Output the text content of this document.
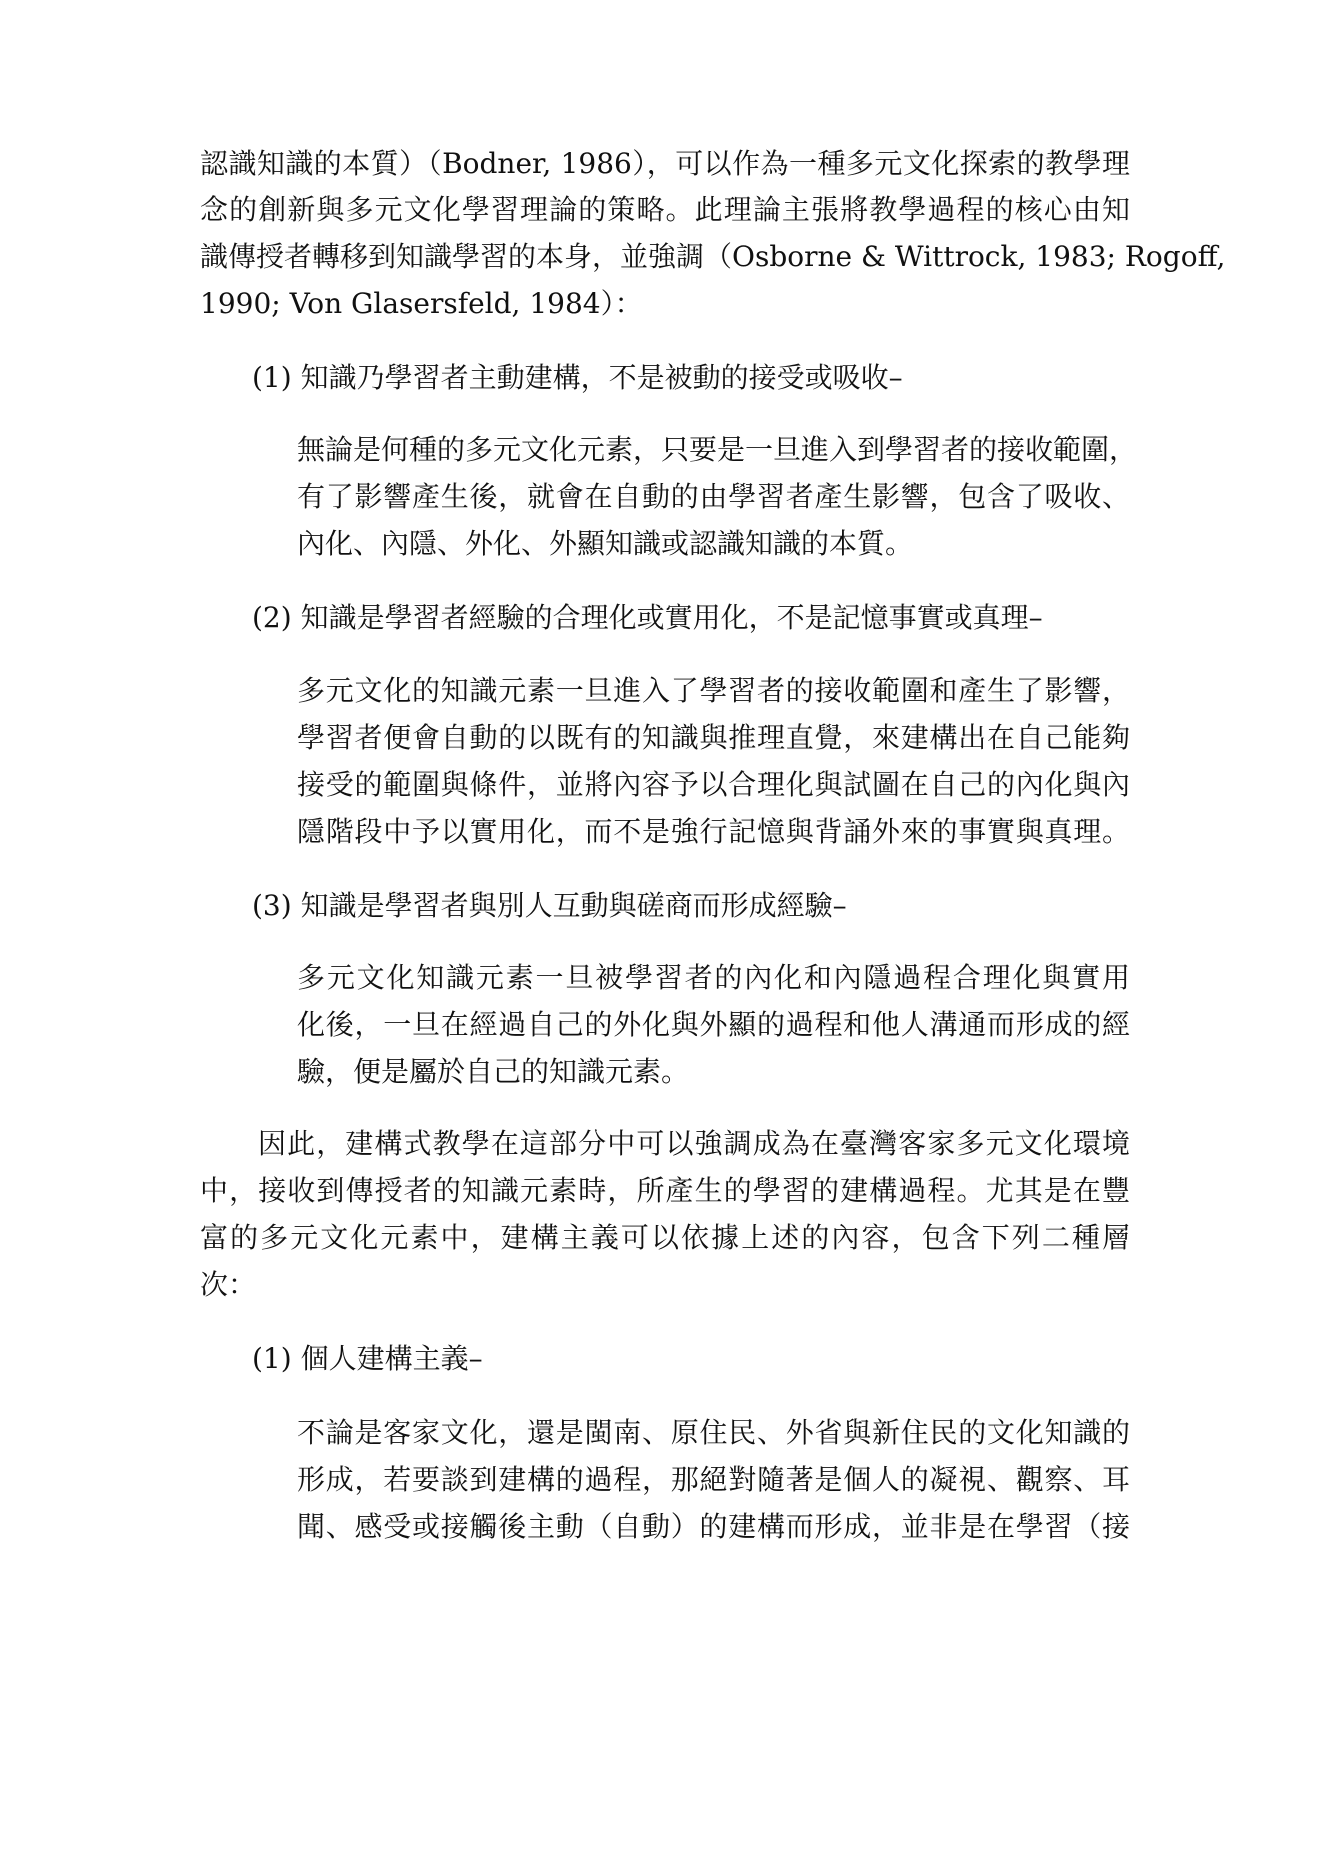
認識知識的本質）（Bodner, 1986），可以作為一種多元文化探索的教學理
念的創新與多元文化學習理論的策略。此理論主張將教學過程的核心由知
識傳授者轉移到知識學習的本身，並強調（Osborne & Wittrock, 1983; Rogoff,
1990; Von Glasersfeld, 1984）：
(1) 知識乃學習者主動建構，不是被動的接受或吸收–
無論是何種的多元文化元素，只要是一旦進入到學習者的接收範圍，
有了影響產生後，就會在自動的由學習者產生影響，包含了吸收、
內化、內隱、外化、外顯知識或認識知識的本質。
(2) 知識是學習者經驗的合理化或實用化，不是記憶事實或真理–
多元文化的知識元素一旦進入了學習者的接收範圍和產生了影響，
學習者便會自動的以既有的知識與推理直覺，來建構出在自己能夠
接受的範圍與條件，並將內容予以合理化與試圖在自己的內化與內
隱階段中予以實用化，而不是強行記憶與背誦外來的事實與真理。
(3) 知識是學習者與別人互動與磋商而形成經驗–
多元文化知識元素一旦被學習者的內化和內隱過程合理化與實用
化後，一旦在經過自己的外化與外顯的過程和他人溝通而形成的經
驗，便是屬於自己的知識元素。
因此，建構式教學在這部分中可以強調成為在臺灣客家多元文化環境
中，接收到傳授者的知識元素時，所產生的學習的建構過程。尤其是在豐
富的多元文化元素中，建構主義可以依據上述的內容，包含下列二種層
次：
(1) 個人建構主義–
不論是客家文化，還是閩南、原住民、外省與新住民的文化知識的
形成，若要談到建構的過程，那絕對隨著是個人的凝視、觀察、耳
聞、感受或接觸後主動（自動）的建構而形成，並非是在學習（接
